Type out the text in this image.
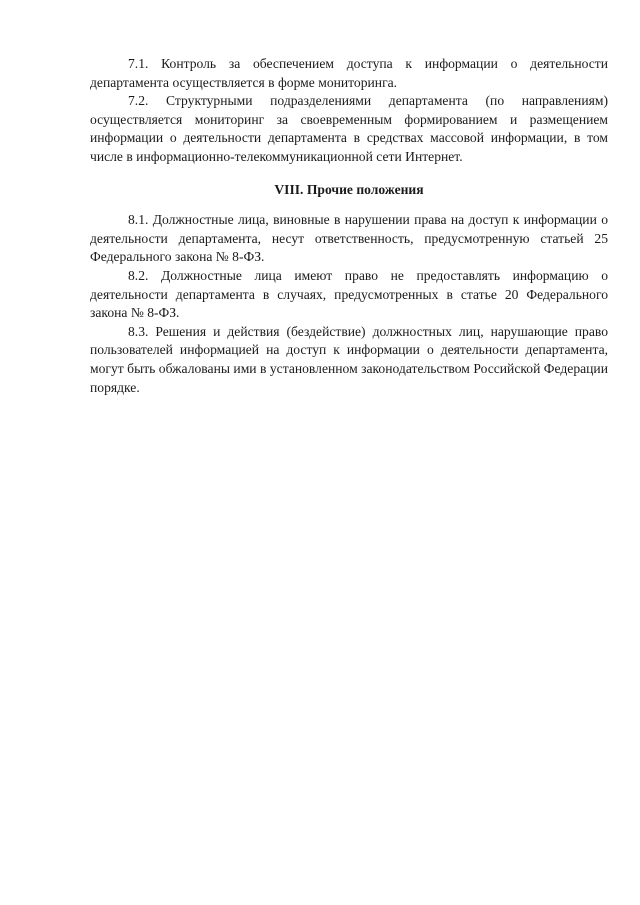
7.1. Контроль за обеспечением доступа к информации о деятельности департамента осуществляется в форме мониторинга.

7.2. Структурными подразделениями департамента (по направлениям) осуществляется мониторинг за своевременным формированием и размещением информации о деятельности департамента в средствах массовой информации, в том числе в информационно-телекоммуникационной сети Интернет.

VIII. Прочие положения

8.1. Должностные лица, виновные в нарушении права на доступ к информации о деятельности департамента, несут ответственность, предусмотренную статьей 25 Федерального закона № 8-ФЗ.

8.2. Должностные лица имеют право не предоставлять информацию о деятельности департамента в случаях, предусмотренных в статье 20 Федерального закона № 8-ФЗ.

8.3. Решения и действия (бездействие) должностных лиц, нарушающие право пользователей информацией на доступ к информации о деятельности департамента, могут быть обжалованы ими в установленном законодательством Российской Федерации порядке.
